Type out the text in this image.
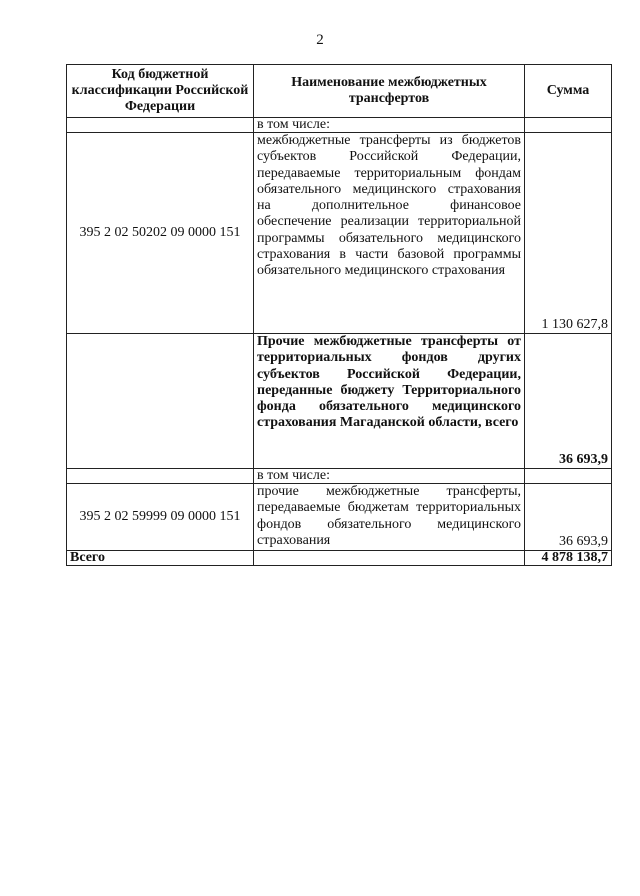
2
Код бюджетной классификации Российской Федерации	Наименование межбюджетных трансфертов	Сумма
	в том числе:	
395 2 02 50202 09 0000 151	межбюджетные трансферты из бюджетов субъектов Российской Федерации, передаваемые территориальным фондам обязательного медицинского страхования на дополнительное финансовое обеспечение реализации территориальной программы обязательного медицинского страхования в части базовой программы обязательного медицинского страхования	1 130 627,8
	Прочие межбюджетные трансферты от территориальных фондов других субъектов Российской Федерации, переданные бюджету Территориального фонда обязательного медицинского страхования Магаданской области, всего	36 693,9
	в том числе:	
395 2 02 59999 09 0000 151	прочие межбюджетные трансферты, передаваемые бюджетам территориальных фондов обязательного медицинского страхования	36 693,9
Всего		4 878 138,7
